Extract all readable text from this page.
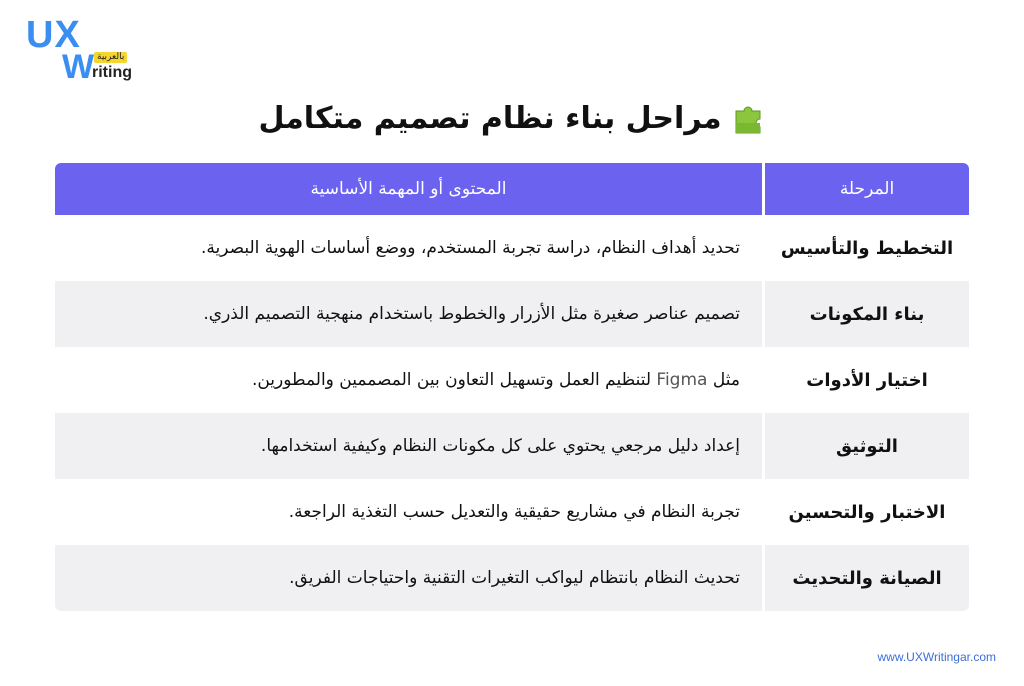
UX
W بالعربية
riting
مراحل بناء نظام تصميم متكامل
المرحلة
المحتوى أو المهمة الأساسية
التخطيط والتأسيس
تحديد أهداف النظام، دراسة تجربة المستخدم، ووضع أساسات الهوية البصرية.
بناء المكونات
تصميم عناصر صغيرة مثل الأزرار والخطوط باستخدام منهجية التصميم الذري.
اختيار الأدوات
مثل

Figma

لتنظيم العمل وتسهيل التعاون بين المصممين والمطورين.
التوثيق
إعداد دليل مرجعي يحتوي على كل مكونات النظام وكيفية استخدامها.
الاختبار والتحسين
تجربة النظام في مشاريع حقيقية والتعديل حسب التغذية الراجعة.
الصيانة والتحديث
تحديث النظام بانتظام ليواكب التغيرات التقنية واحتياجات الفريق.
www.UXWritingar.com
